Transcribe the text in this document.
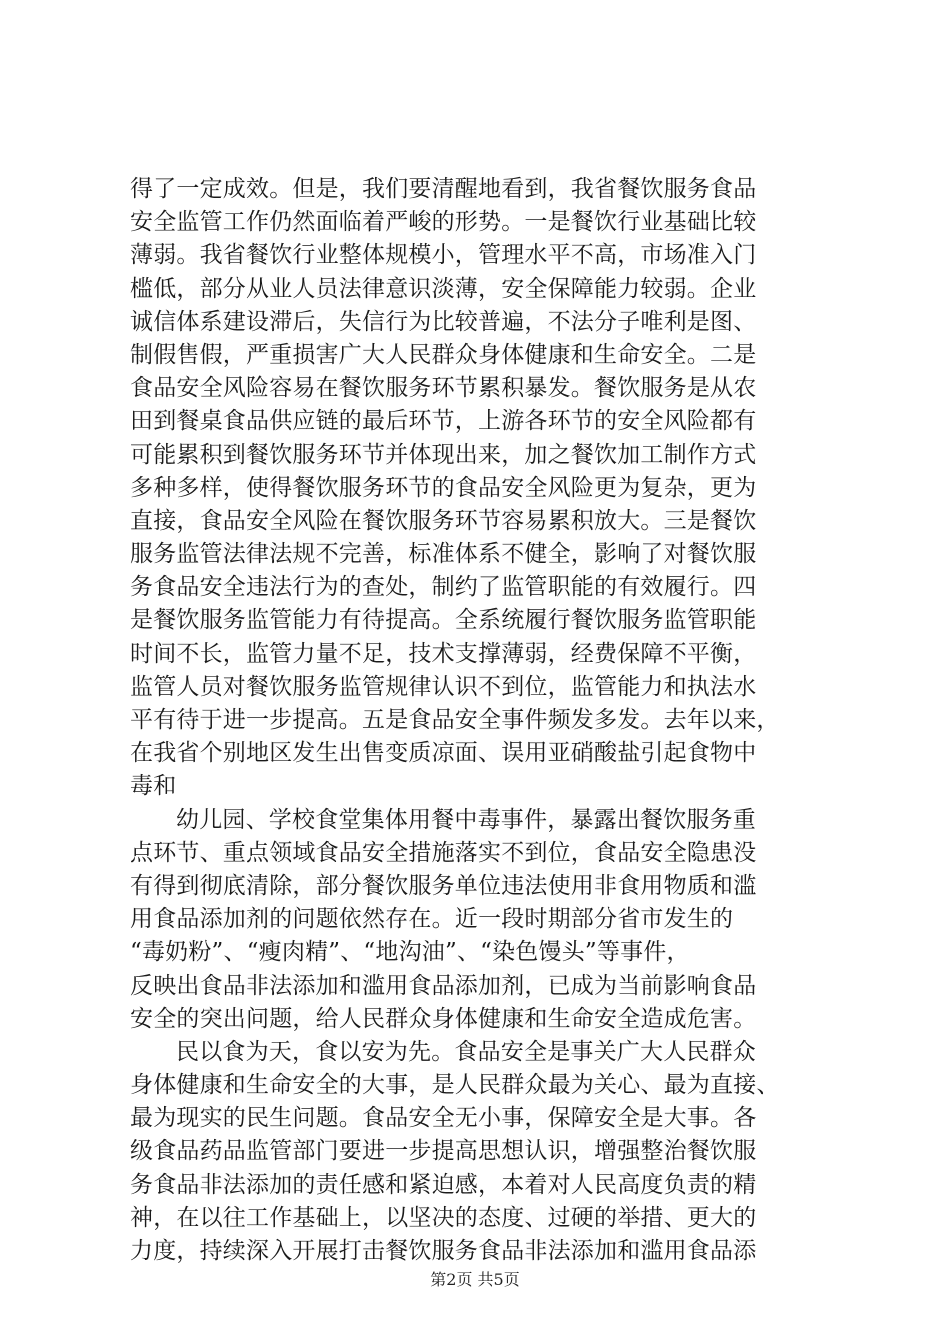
得了一定成效。但是，我们要清醒地看到，我省餐饮服务食品
安全监管工作仍然面临着严峻的形势。一是餐饮行业基础比较
薄弱。我省餐饮行业整体规模小，管理水平不高，市场准入门
槛低，部分从业人员法律意识淡薄，安全保障能力较弱。企业
诚信体系建设滞后，失信行为比较普遍，不法分子唯利是图、
制假售假，严重损害广大人民群众身体健康和生命安全。二是
食品安全风险容易在餐饮服务环节累积暴发。餐饮服务是从农
田到餐桌食品供应链的最后环节，上游各环节的安全风险都有
可能累积到餐饮服务环节并体现出来，加之餐饮加工制作方式
多种多样，使得餐饮服务环节的食品安全风险更为复杂，更为
直接，食品安全风险在餐饮服务环节容易累积放大。三是餐饮
服务监管法律法规不完善，标准体系不健全，影响了对餐饮服
务食品安全违法行为的查处，制约了监管职能的有效履行。四
是餐饮服务监管能力有待提高。全系统履行餐饮服务监管职能
时间不长，监管力量不足，技术支撑薄弱，经费保障不平衡，
监管人员对餐饮服务监管规律认识不到位，监管能力和执法水
平有待于进一步提高。五是食品安全事件频发多发。去年以来，
在我省个别地区发生出售变质凉面、误用亚硝酸盐引起食物中
毒和
幼儿园、学校食堂集体用餐中毒事件，暴露出餐饮服务重
点环节、重点领域食品安全措施落实不到位，食品安全隐患没
有得到彻底清除，部分餐饮服务单位违法使用非食用物质和滥
用食品添加剂的问题依然存在。近一段时期部分省市发生的
“毒奶粉”、“瘦肉精”、“地沟油”、“染色馒头”等事件，
反映出食品非法添加和滥用食品添加剂，已成为当前影响食品
安全的突出问题，给人民群众身体健康和生命安全造成危害。
民以食为天，食以安为先。食品安全是事关广大人民群众
身体健康和生命安全的大事，是人民群众最为关心、最为直接、
最为现实的民生问题。食品安全无小事，保障安全是大事。各
级食品药品监管部门要进一步提高思想认识，增强整治餐饮服
务食品非法添加的责任感和紧迫感，本着对人民高度负责的精
神，在以往工作基础上，以坚决的态度、过硬的举措、更大的
力度，持续深入开展打击餐饮服务食品非法添加和滥用食品添
第2页 共5页
